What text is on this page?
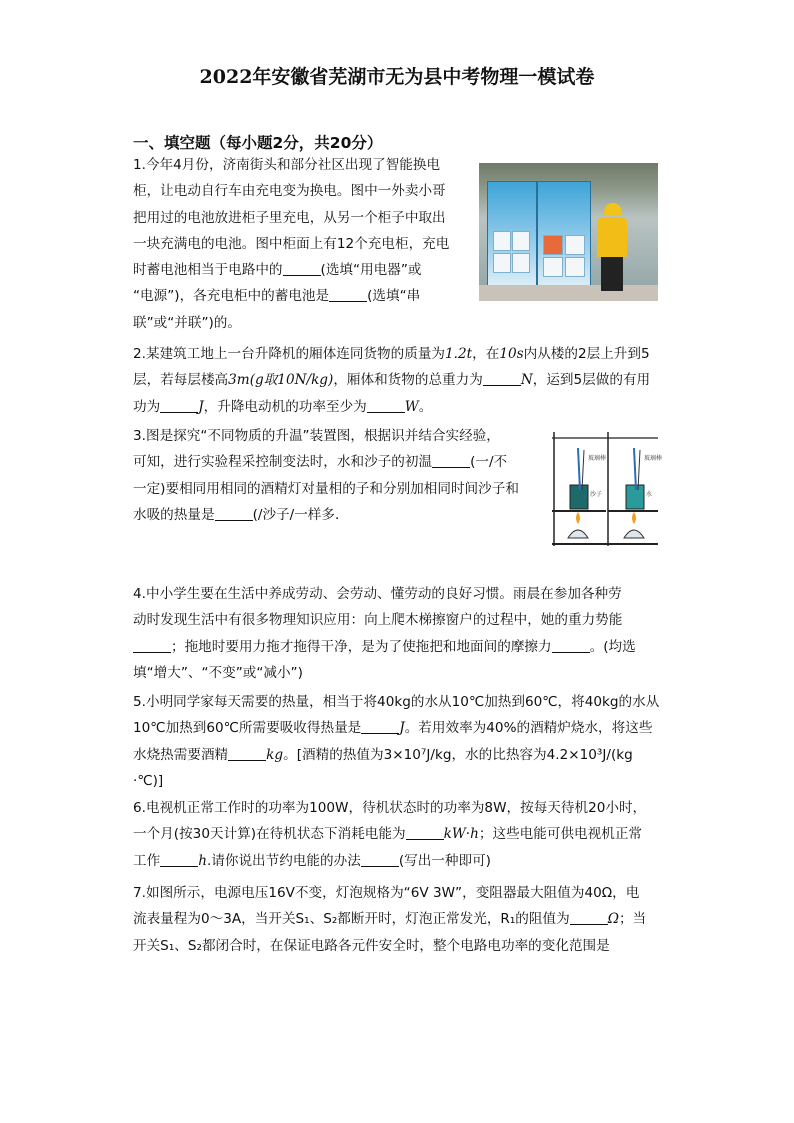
2022年安徽省芜湖市无为县中考物理一模试卷
一、填空题（每小题2分，共20分）
1.今年4月份，济南街头和部分社区出现了智能换电
柜，让电动自行车由充电变为换电。图中一外卖小哥
把用过的电池放进柜子里充电，从另一个柜子中取出
一块充满电的电池。图中柜面上有12个充电柜，充电
时蓄电池相当于电路中的	(选填“用电器”或
“电源”)，各充电柜中的蓄电池是	(选填“串
联”或“并联”)的。
2.某建筑工地上一台升降机的厢体连同货物的质量为1.2t，在10s内从楼的2层上升到5
层，若每层楼高3m(g取10N/kg)，厢体和货物的总重力为	N，运到5层做的有用
功为	J，升降电动机的功率至少为	W。
3.图是探究“不同物质的升温”装置图，根据识并结合实经验，
可知，进行实验程采控制变法时，水和沙子的初温	(一/不
一定)要相同用相同的酒精灯对量相的子和分别加相同时间沙子和
水吸的热量是	(/沙子/一样多．
玻璃棒	玻璃棒
沙子	水
4.中小学生要在生活中养成劳动、会劳动、懂劳动的良好习惯。雨晨在参加各种劳
动时发现生活中有很多物理知识应用：向上爬木梯擦窗户的过程中，她的重力势能
；拖地时要用力拖才拖得干净，是为了使拖把和地面间的摩擦力	。(均选
填“增大”、“不变”或“减小”)
5.小明同学家每天需要的热量，相当于将40kg的水从10℃加热到60℃，将40kg的水从
10℃加热到60℃所需要吸收得热量是	J。若用效率为40%的酒精炉烧水，将这些
水烧热需要酒精	kg。[酒精的热值为3×10⁷J/kg，水的比热容为4.2×10³J/(kg
·℃)]
6.电视机正常工作时的功率为100W，待机状态时的功率为8W，按每天待机20小时，
一个月(按30天计算)在待机状态下消耗电能为	kW·h；这些电能可供电视机正常
工作	h.请你说出节约电能的办法	(写出一种即可)
7.如图所示，电源电压16V不变，灯泡规格为“6V 3W”，变阻器最大阻值为40Ω，电
流表量程为0～3A，当开关S₁、S₂都断开时，灯泡正常发光，R₁的阻值为	Ω；当
开关S₁、S₂都闭合时，在保证电路各元件安全时，整个电路电功率的变化范围是
